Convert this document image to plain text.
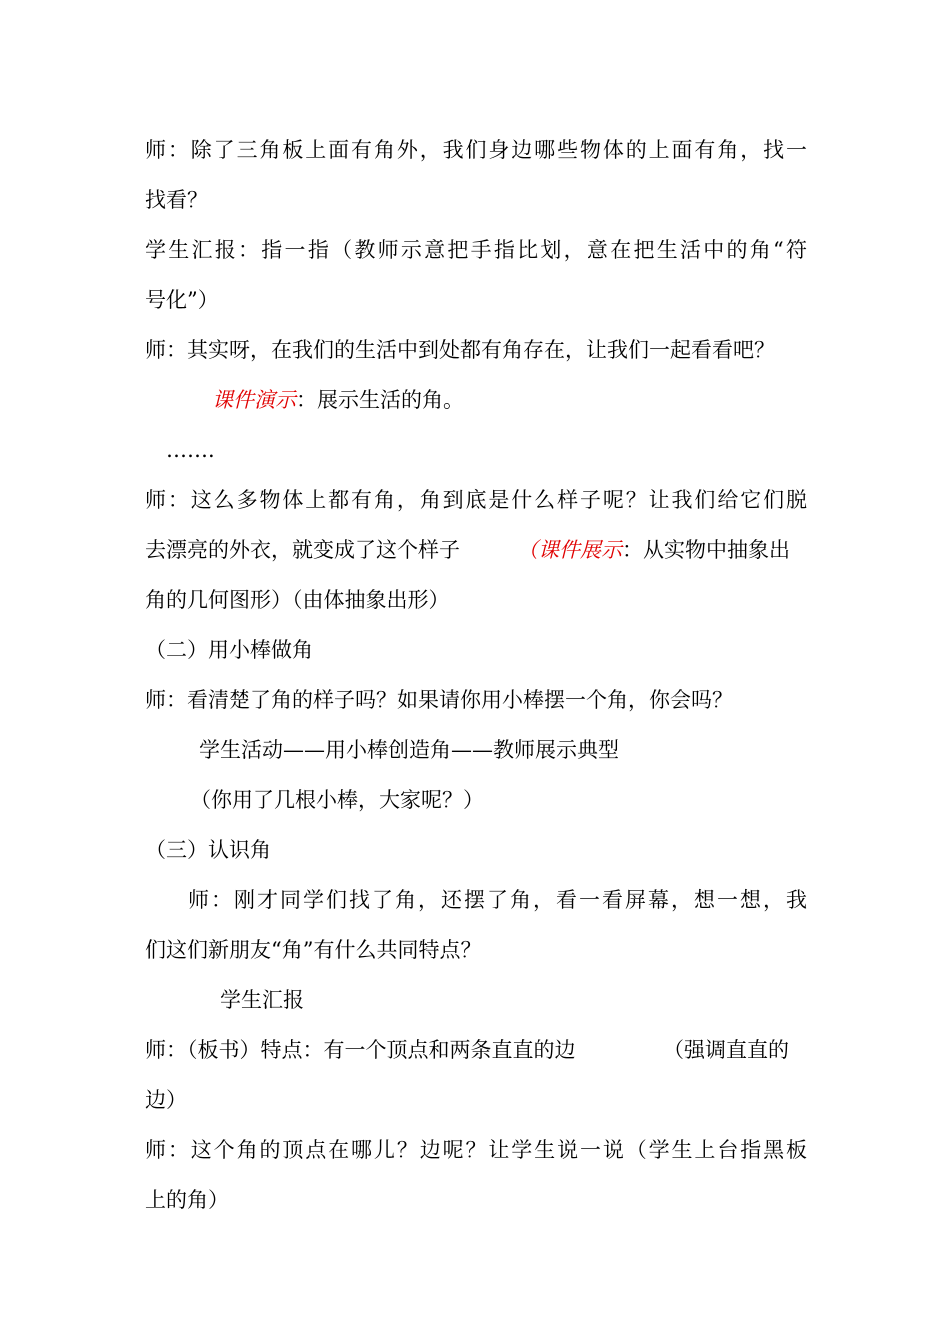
师：除了三角板上面有角外，我们身边哪些物体的上面有角，找一
找看？
学生汇报：指一指（教师示意把手指比划，意在把生活中的角“符
号化”）
师：其实呀，在我们的生活中到处都有角存在，让我们一起看看吧？
课件演示：展示生活的角。
…….
师：这么多物体上都有角，角到底是什么样子呢？让我们给它们脱
去漂亮的外衣，就变成了这个样子	（课件展示：从实物中抽象出
角的几何图形）（由体抽象出形）
（二）用小棒做角
师：看清楚了角的样子吗？如果请你用小棒摆一个角，你会吗？
学生活动——用小棒创造角——教师展示典型
（你用了几根小棒，大家呢？）
（三）认识角
师：刚才同学们找了角，还摆了角，看一看屏幕，想一想，我
们这们新朋友“角”有什么共同特点？
学生汇报
师：（板书）特点：有一个顶点和两条直直的边	（强调直直的
边）
师：这个角的顶点在哪儿？边呢？让学生说一说（学生上台指黑板
上的角）
